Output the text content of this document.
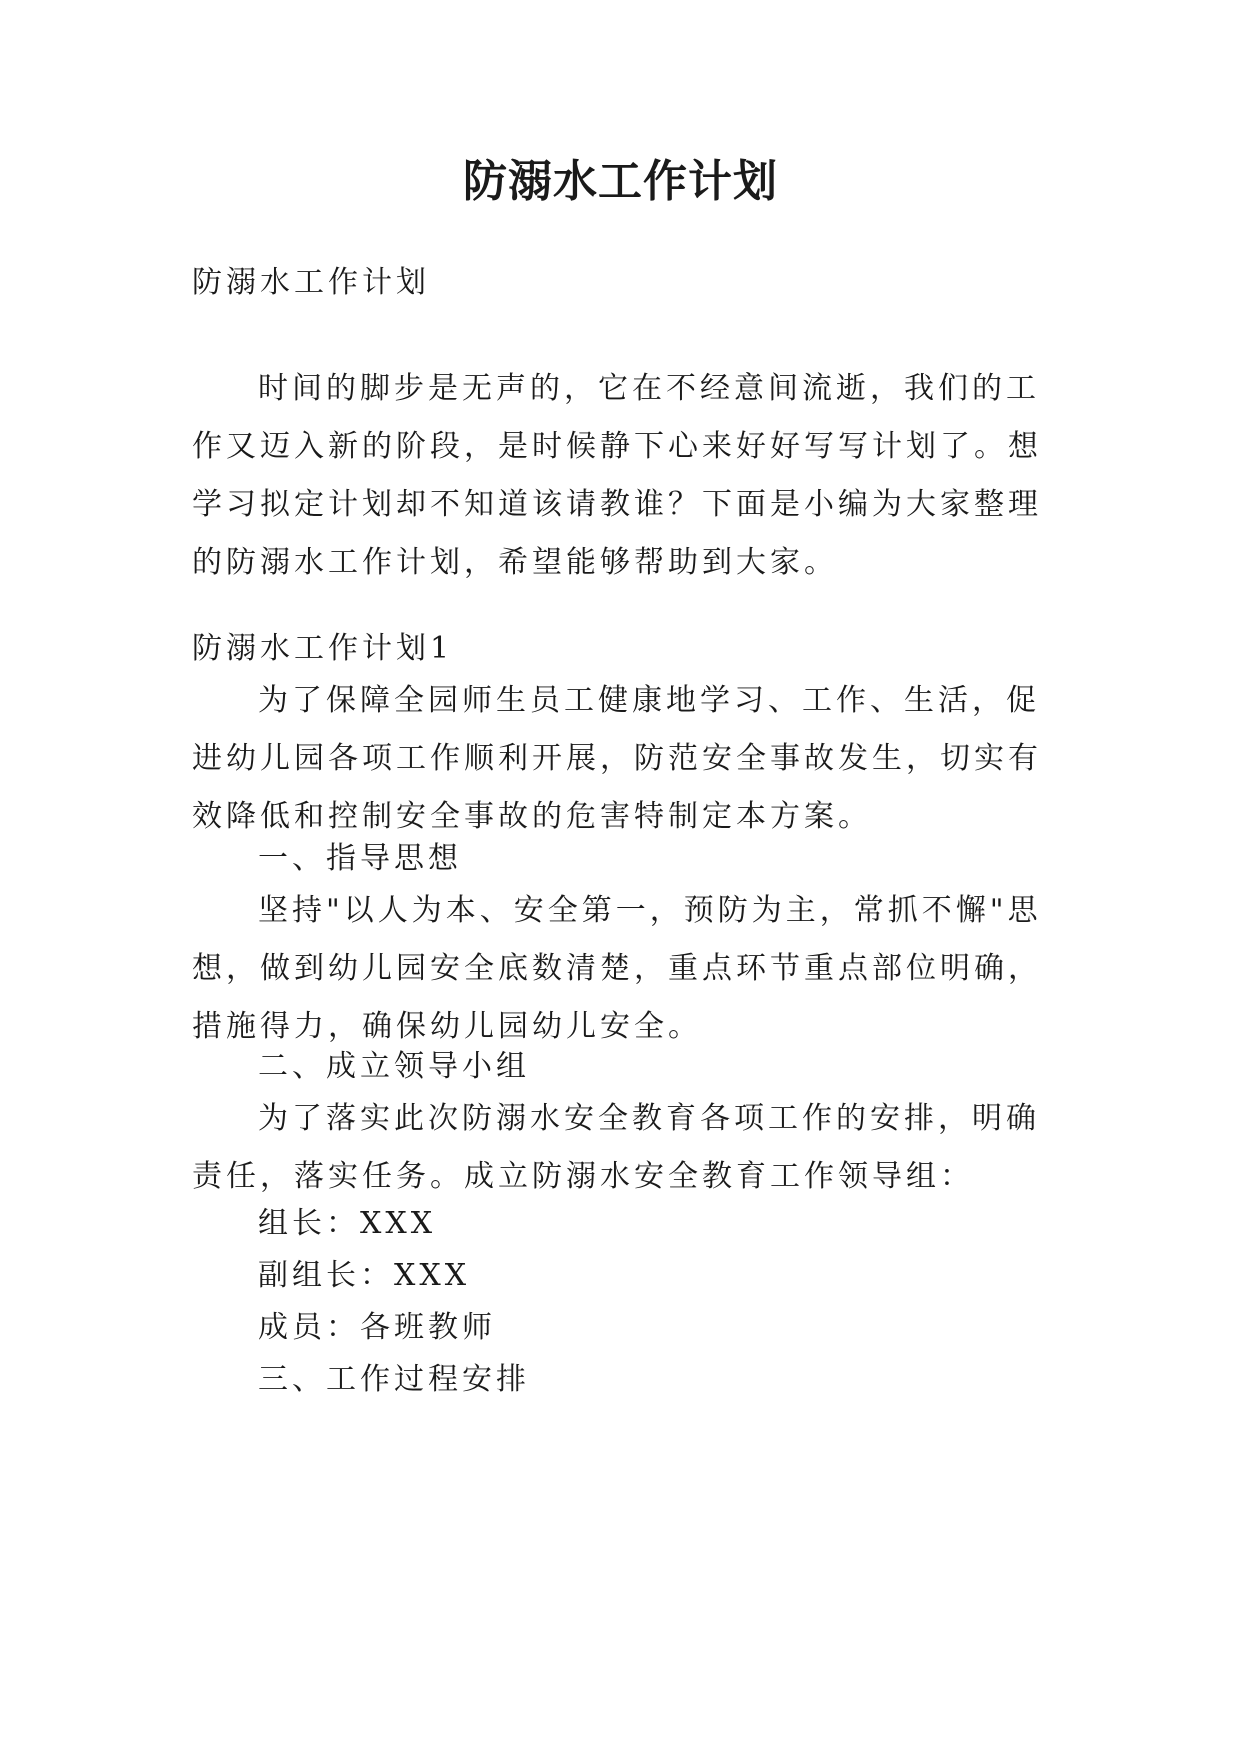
防溺水工作计划

防溺水工作计划

时间的脚步是无声的，它在不经意间流逝，我们的工作又迈入新的阶段，是时候静下心来好好写写计划了。想学习拟定计划却不知道该请教谁？下面是小编为大家整理的防溺水工作计划，希望能够帮助到大家。

防溺水工作计划1

为了保障全园师生员工健康地学习、工作、生活，促进幼儿园各项工作顺利开展，防范安全事故发生，切实有效降低和控制安全事故的危害特制定本方案。

一、指导思想

坚持"以人为本、安全第一，预防为主，常抓不懈"思想，做到幼儿园安全底数清楚，重点环节重点部位明确，措施得力，确保幼儿园幼儿安全。

二、成立领导小组

为了落实此次防溺水安全教育各项工作的安排，明确责任，落实任务。成立防溺水安全教育工作领导组：

组长：XXX

副组长：XXX

成员：各班教师

三、工作过程安排
